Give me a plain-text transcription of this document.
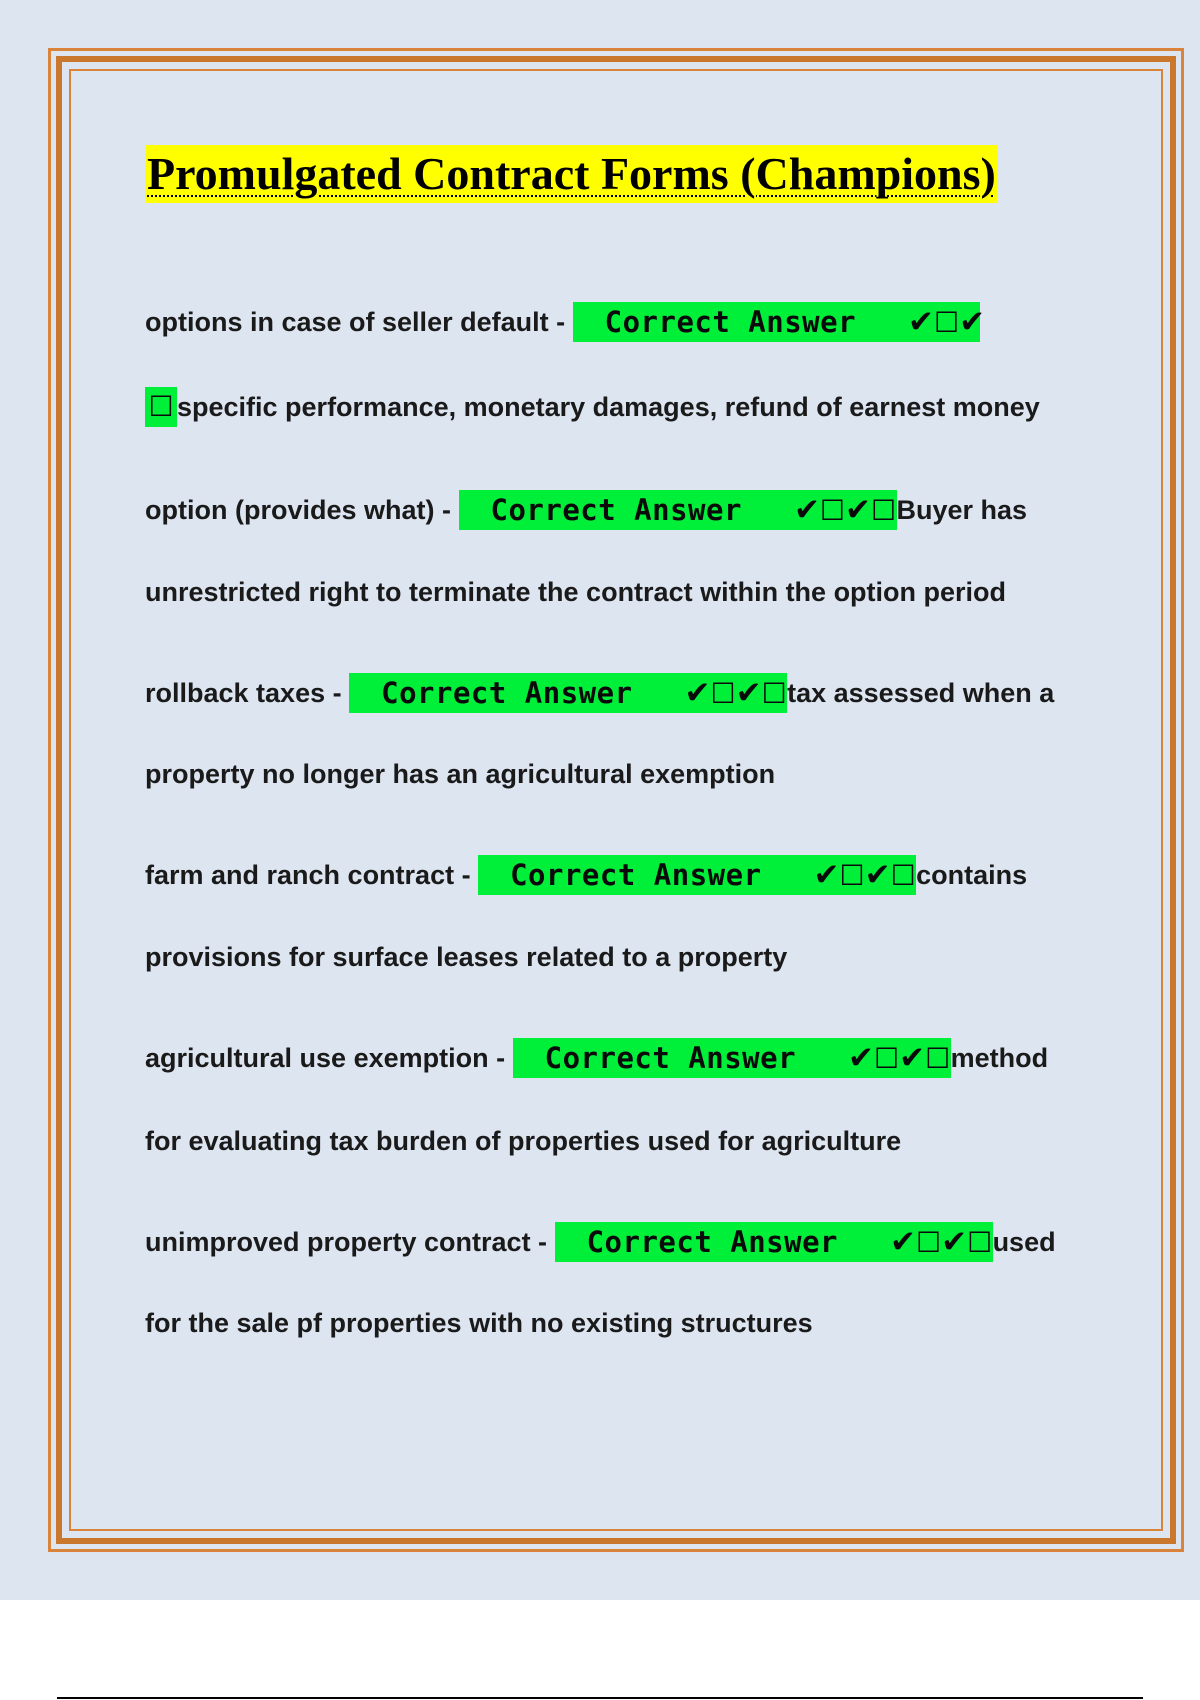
Promulgated Contract Forms (Champions)
options in case of seller default - Correct Answer ✔☐✔
☐ specific performance, monetary damages, refund of earnest money
option (provides what) - Correct Answer ✔☐✔☐Buyer has
unrestricted right to terminate the contract within the option period
rollback taxes - Correct Answer ✔☐✔☐tax assessed when a
property no longer has an agricultural exemption
farm and ranch contract - Correct Answer ✔☐✔☐contains
provisions for surface leases related to a property
agricultural use exemption - Correct Answer ✔☐✔☐method
for evaluating tax burden of properties used for agriculture
unimproved property contract - Correct Answer ✔☐✔☐used
for the sale pf properties with no existing structures
